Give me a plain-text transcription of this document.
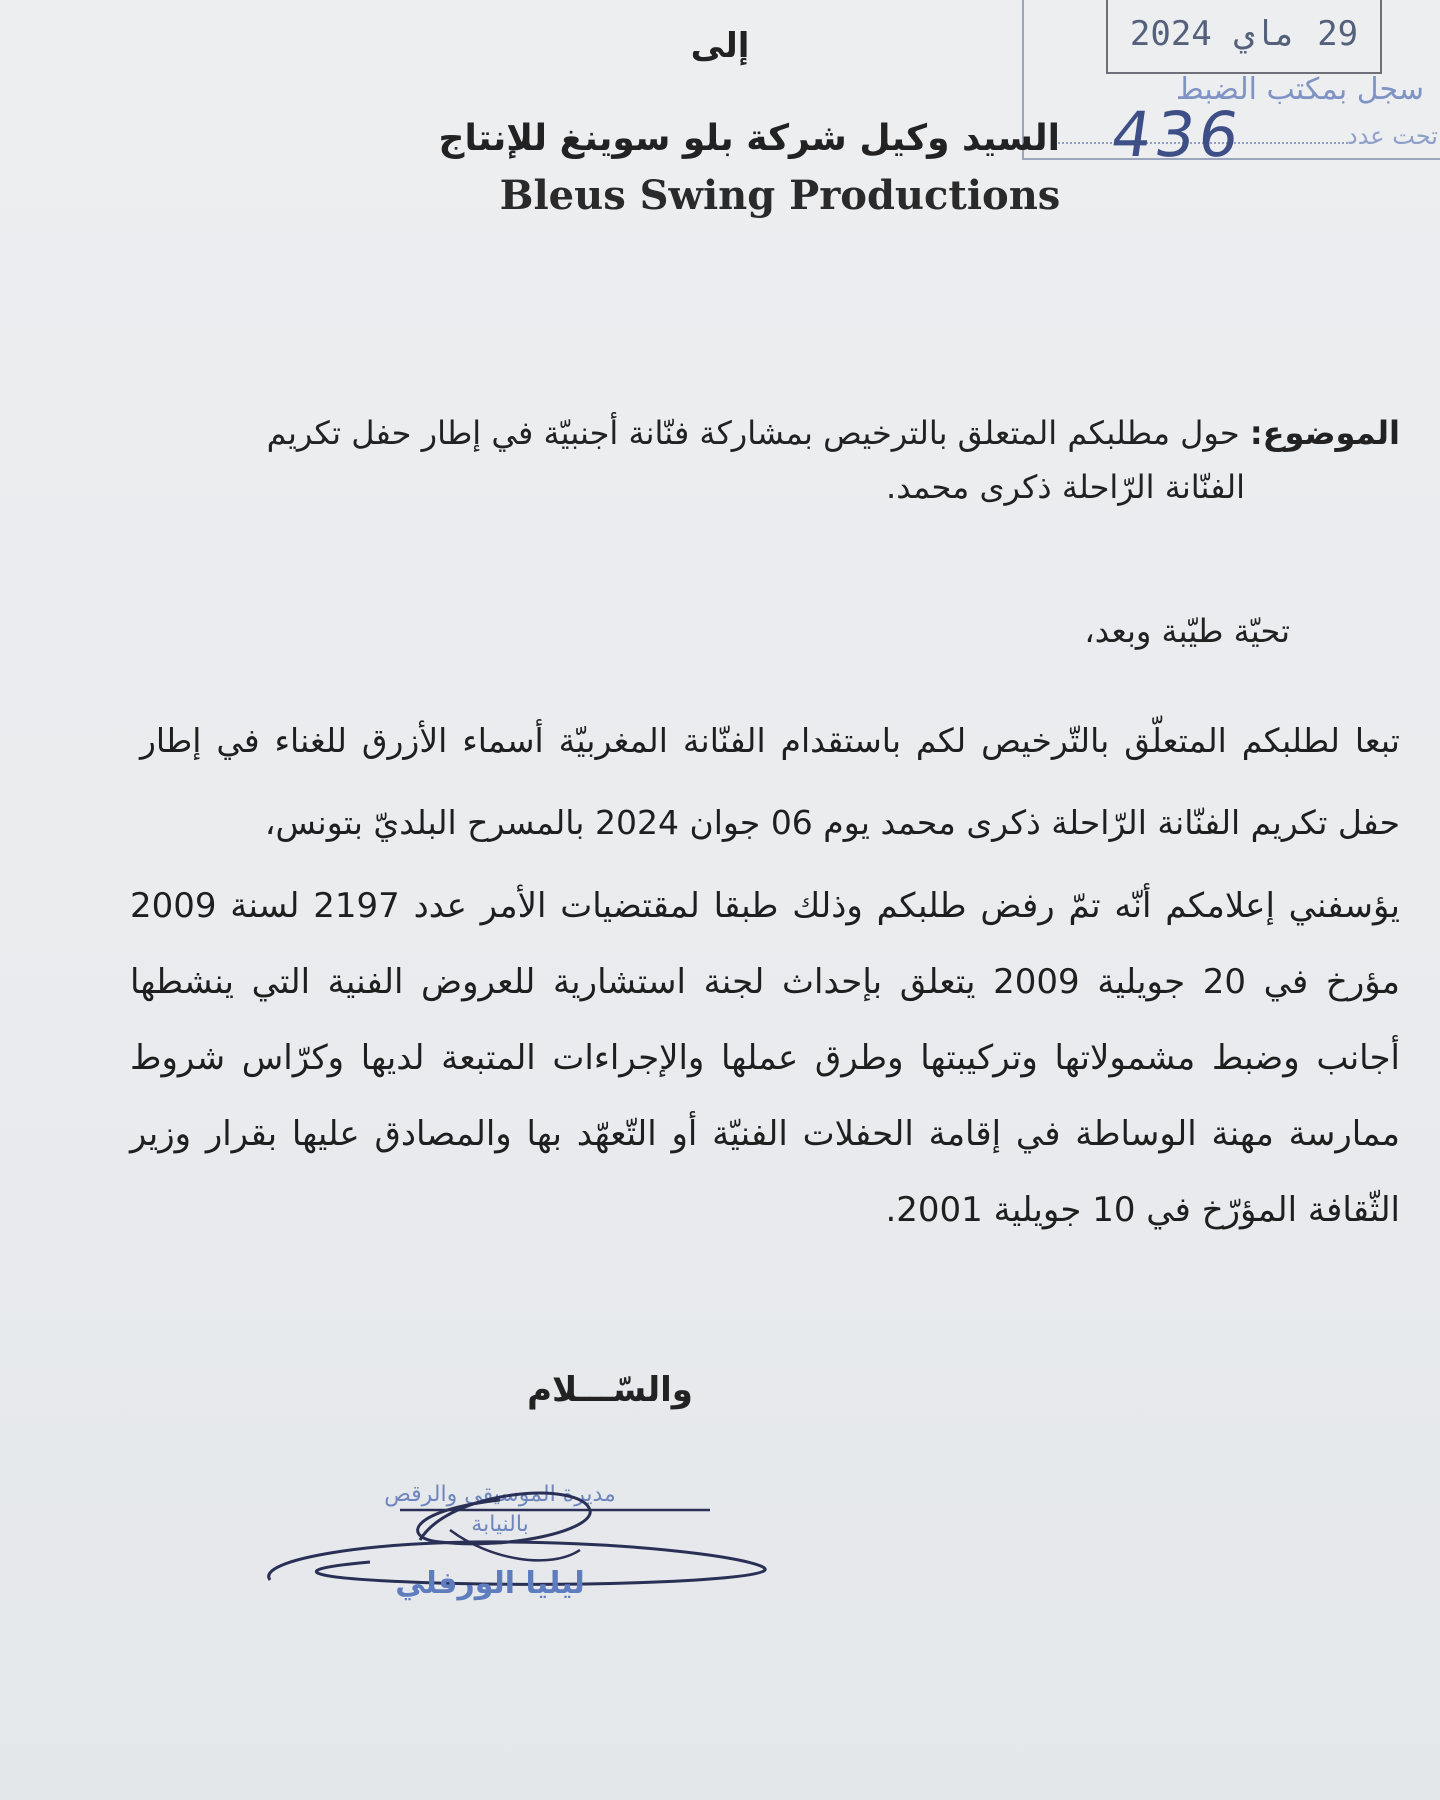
29
ماي
2024
سجل بمكتب الضبط
تحت عدد
436
إلى
السيد وكيل شركة بلو سوينغ للإنتاج
Bleus Swing Productions
الموضوع: حول مطلبكم المتعلق بالترخيص بمشاركة فنّانة أجنبيّة في إطار حفل تكريم
الفنّانة الرّاحلة ذكرى محمد.
تحيّة طيّبة وبعد،
تبعا لطلبكم المتعلّق بالتّرخيص لكم باستقدام الفنّانة المغربيّة أسماء الأزرق للغناء في إطار حفل تكريم الفنّانة الرّاحلة ذكرى محمد يوم 06 جوان 2024 بالمسرح البلديّ بتونس،
يؤسفني إعلامكم أنّه تمّ رفض طلبكم وذلك طبقا لمقتضيات الأمر عدد 2197 لسنة 2009 مؤرخ في 20 جويلية 2009 يتعلق بإحداث لجنة استشارية للعروض الفنية التي ينشطها أجانب وضبط مشمولاتها وتركيبتها وطرق عملها والإجراءات المتبعة لديها وكرّاس شروط ممارسة مهنة الوساطة في إقامة الحفلات الفنيّة أو التّعهّد بها والمصادق عليها بقرار وزير الثّقافة المؤرّخ في 10 جويلية 2001.
والسّـــلام
مديرة الموسيقى والرقص
بالنيابة
ليليا الورفلي
